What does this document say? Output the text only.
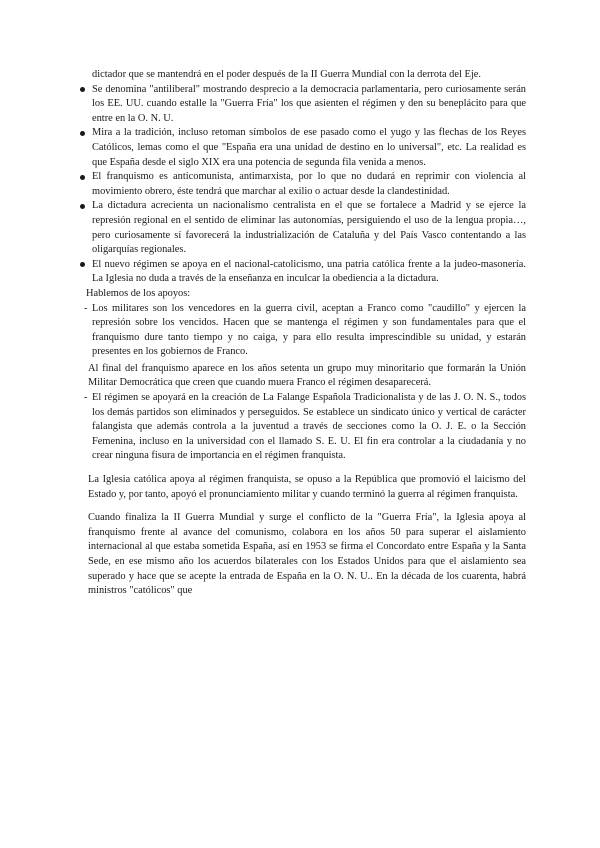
dictador que se mantendrá en el poder después de la II Guerra Mundial con la derrota del Eje.

Se denomina "antiliberal" mostrando desprecio a la democracia parlamentaria, pero curiosamente serán los EE. UU. cuando estalle la "Guerra Fría" los que asienten el régimen y den su beneplácito para que entre en la O. N. U.
Mira a la tradición, incluso retoman símbolos de ese pasado como el yugo y las flechas de los Reyes Católicos, lemas como el que "España era una unidad de destino en lo universal", etc. La realidad es que España desde el siglo XIX era una potencia de segunda fila venida a menos.
El franquismo es anticomunista, antimarxista, por lo que no dudará en reprimir con violencia al movimiento obrero, éste tendrá que marchar al exilio o actuar desde la clandestinidad.
La dictadura acrecienta un nacionalismo centralista en el que se fortalece a Madrid y se ejerce la represión regional en el sentido de eliminar las autonomías, persiguiendo el uso de la lengua propia…, pero curiosamente sí favorecerá la industrialización de Cataluña y del País Vasco contentando a las oligarquías regionales.
El nuevo régimen se apoya en el nacional-catolicismo, una patria católica frente a la judeo-masonería. La Iglesia no duda a través de la enseñanza en inculcar la obediencia a la dictadura.

Hablemos de los apoyos:

- Los militares son los vencedores en la guerra civil, aceptan a Franco como "caudillo" y ejercen la represión sobre los vencidos. Hacen que se mantenga el régimen y son fundamentales para que el franquismo dure tanto tiempo y no caiga, y para ello resulta imprescindible su unidad, y estarán presentes en los gobiernos de Franco.

Al final del franquismo aparece en los años setenta un grupo muy minoritario que formarán la Unión Militar Democrática que creen que cuando muera Franco el régimen desaparecerá.

- El régimen se apoyará en la creación de La Falange Española Tradicionalista y de las J. O. N. S., todos los demás partidos son eliminados y perseguidos. Se establece un sindicato único y vertical de carácter falangista que además controla a la juventud a través de secciones como la O. J. E. o la Sección Femenina, incluso en la universidad con el llamado S. E. U. El fin era controlar a la ciudadanía y no crear ninguna fisura de importancia en el régimen franquista.

La Iglesia católica apoya al régimen franquista, se opuso a la República que promovió el laicismo del Estado y, por tanto, apoyó el pronunciamiento militar y cuando terminó la guerra al régimen franquista.

Cuando finaliza la II Guerra Mundial y surge el conflicto de la "Guerra Fría", la Iglesia apoya al franquismo frente al avance del comunismo, colabora en los años 50 para superar el aislamiento internacional al que estaba sometida España, así en 1953 se firma el Concordato entre España y la Santa Sede, en ese mismo año los acuerdos bilaterales con los Estados Unidos para que el aislamiento sea superado y hace que se acepte la entrada de España en la O. N. U.. En la década de los cuarenta, habrá ministros "católicos" que
